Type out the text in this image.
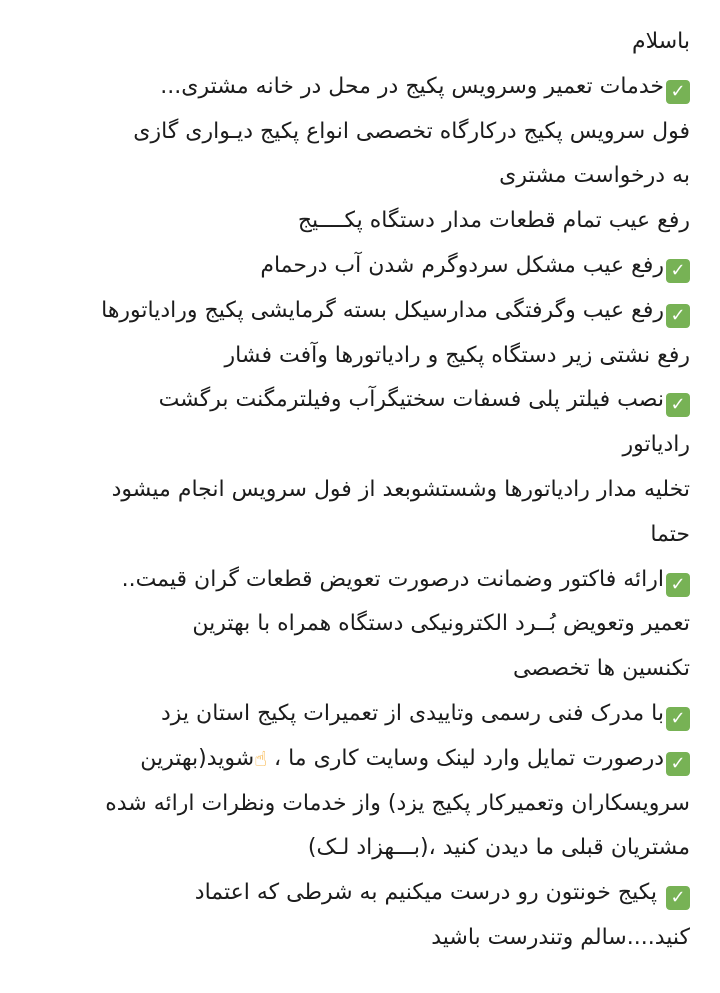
باسلام
✓خدمات تعمیر وسرویس پکیج در محل در خانه مشتری...
فول سرویس پکیج درکارگاه تخصصی انواع پکیج دیـواری گازی
به درخواست مشتری
رفع عیب تمام قطعات مدار دستگاه پکــــیج
✓رفع عیب مشکل سردوگرم شدن آب درحمام
✓رفع عیب وگرفتگی مدارسیکل بسته گرمایشی پکیج ورادیاتورها
رفع نشتی زیر دستگاه پکیج و رادیاتورها وآفت فشار
✓نصب فیلتر پلی فسفات سختیگرآب وفیلترمگنت برگشت
رادیاتور
تخلیه مدار رادیاتورها وشستشوبعد از فول سرویس انجام میشود
حتما
✓ارائه فاکتور وضمانت درصورت تعویض قطعات گران قیمت..
تعمیر وتعویض بُــرد الکترونیکی دستگاه همراه با بهترین
تکنسین ها تخصصی
✓با مدرک فنی رسمی وتاییدی از تعمیرات پکیج استان یزد
✓درصورت تمایل وارد لینک وسایت کاری ما ، ☝شوید(بهترین
سرویسکاران وتعمیرکار پکیج یزد) واز خدمات ونظرات ارائه شده
مشتریان قبلی ما دیدن کنید ،(بـــهزاد لـک)
✓ پکیج خونتون رو درست میکنیم به شرطی که اعتماد
کنید....سالم وتندرست باشید
